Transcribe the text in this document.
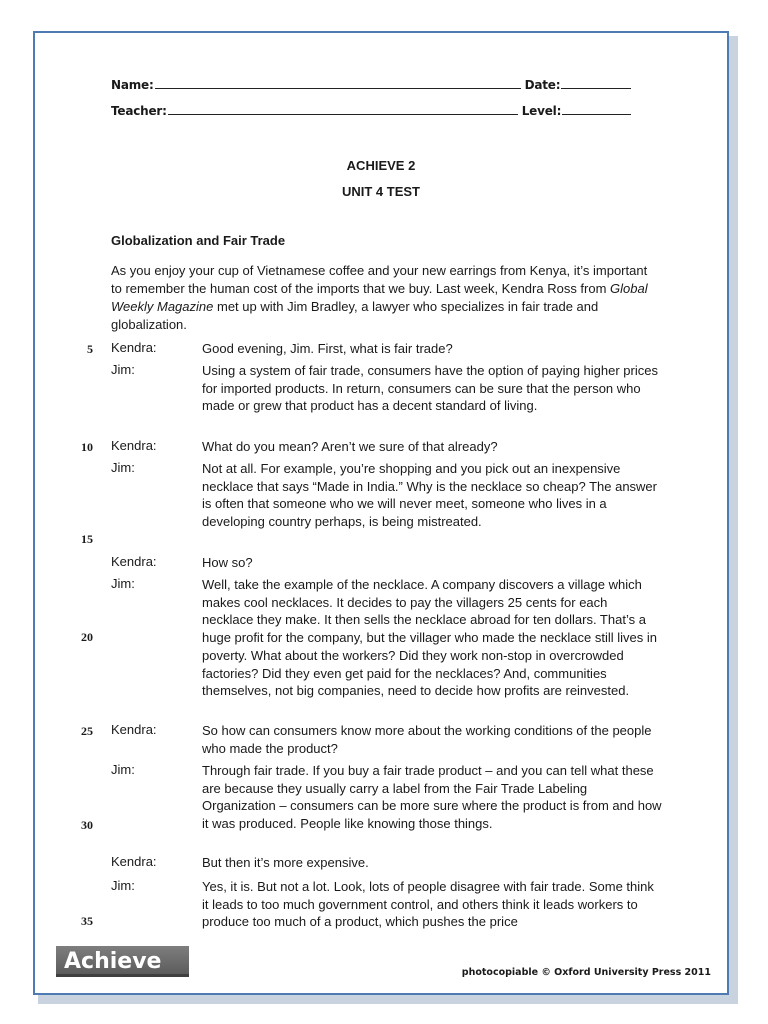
Name:	Date:
Teacher:	Level:
ACHIEVE 2
UNIT 4 TEST
Globalization and Fair Trade
As you enjoy your cup of Vietnamese coffee and your new earrings from Kenya, it’s important to remember the human cost of the imports that we buy. Last week, Kendra Ross from Global Weekly Magazine met up with Jim Bradley, a lawyer who specializes in fair trade and globalization.
Kendra:	Good evening, Jim. First, what is fair trade?
Jim:	Using a system of fair trade, consumers have the option of paying higher prices for imported products. In return, consumers can be sure that the person who made or grew that product has a decent standard of living.
Kendra:	What do you mean? Aren’t we sure of that already?
Jim:	Not at all. For example, you’re shopping and you pick out an inexpensive necklace that says “Made in India.” Why is the necklace so cheap? The answer is often that someone who we will never meet, someone who lives in a developing country perhaps, is being mistreated.
Kendra:	How so?
Jim:	Well, take the example of the necklace. A company discovers a village which makes cool necklaces. It decides to pay the villagers 25 cents for each necklace they make. It then sells the necklace abroad for ten dollars. That’s a huge profit for the company, but the villager who made the necklace still lives in poverty. What about the workers? Did they work non-stop in overcrowded factories? Did they even get paid for the necklaces? And, communities themselves, not big companies, need to decide how profits are reinvested.
Kendra:	So how can consumers know more about the working conditions of the people who made the product?
Jim:	Through fair trade. If you buy a fair trade product – and you can tell what these are because they usually carry a label from the Fair Trade Labeling Organization – consumers can be more sure where the product is from and how it was produced. People like knowing those things.
Kendra:	But then it’s more expensive.
Jim:	Yes, it is. But not a lot. Look, lots of people disagree with fair trade. Some think it leads to too much government control, and others think it leads workers to produce too much of a product, which pushes the price
5
10
15
20
25
30
35
Achieve	photocopiable © Oxford University Press 2011
